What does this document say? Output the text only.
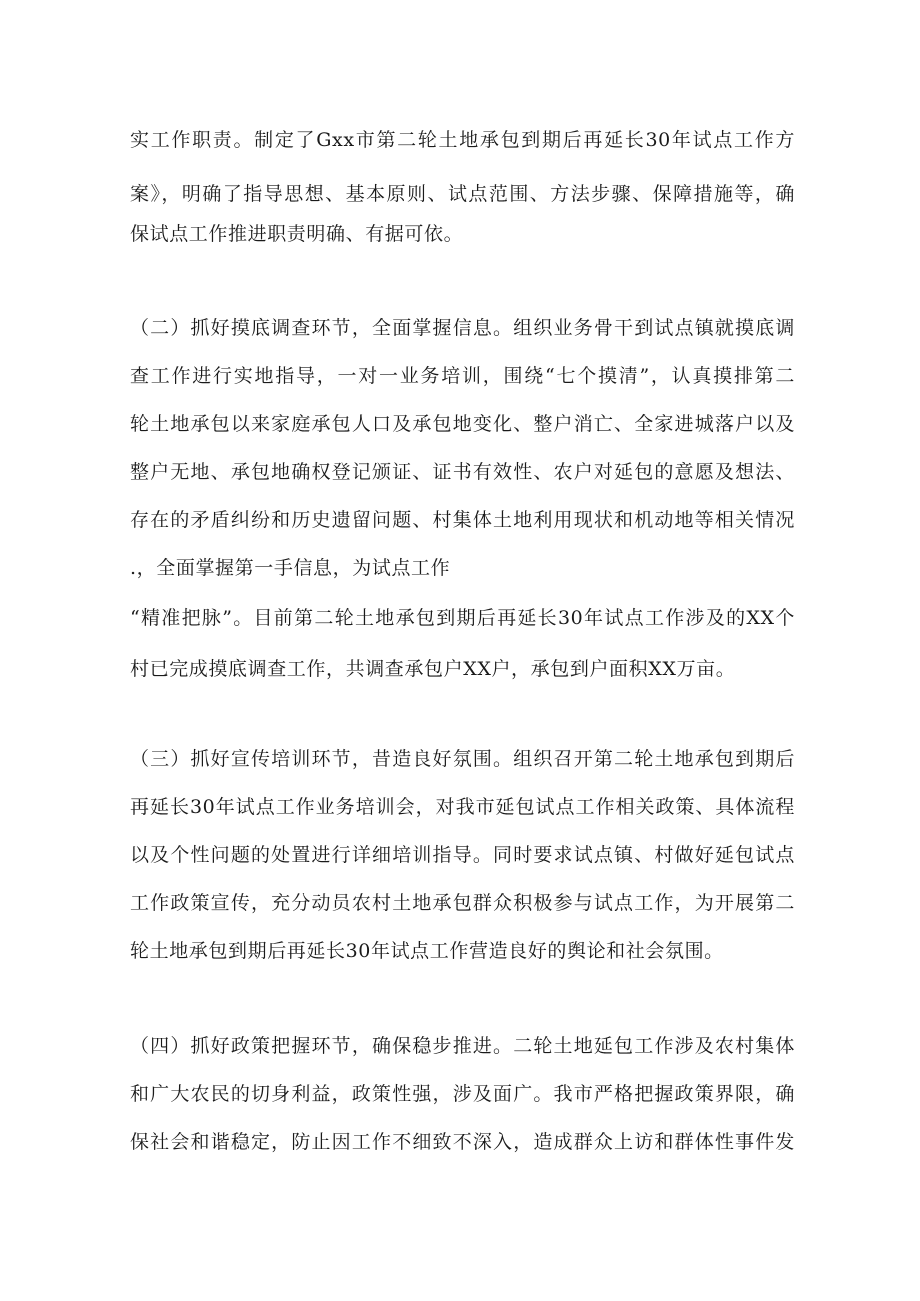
实工作职责。制定了Gxx市第二轮土地承包到期后再延长30年试点工作方
案》，明确了指导思想、基本原则、试点范围、方法步骤、保障措施等，确
保试点工作推进职责明确、有据可依。
（二）抓好摸底调查环节，全面掌握信息。组织业务骨干到试点镇就摸底调
查工作进行实地指导，一对一业务培训，围绕“七个摸清”，认真摸排第二
轮土地承包以来家庭承包人口及承包地变化、整户消亡、全家进城落户以及
整户无地、承包地确权登记颁证、证书有效性、农户对延包的意愿及想法、
存在的矛盾纠纷和历史遗留问题、村集体土地利用现状和机动地等相关情况
.，全面掌握第一手信息，为试点工作
“精准把脉”。目前第二轮土地承包到期后再延长30年试点工作涉及的XX个
村已完成摸底调查工作，共调查承包户XX户，承包到户面积XX万亩。
（三）抓好宣传培训环节，昔造良好氛围。组织召开第二轮土地承包到期后
再延长30年试点工作业务培训会，对我市延包试点工作相关政策、具体流程
以及个性问题的处置进行详细培训指导。同时要求试点镇、村做好延包试点
工作政策宣传，充分动员农村土地承包群众积极参与试点工作，为开展第二
轮土地承包到期后再延长30年试点工作营造良好的舆论和社会氛围。
（四）抓好政策把握环节，确保稳步推进。二轮土地延包工作涉及农村集体
和广大农民的切身利益，政策性强，涉及面广。我市严格把握政策界限，确
保社会和谐稳定，防止因工作不细致不深入，造成群众上访和群体性事件发
